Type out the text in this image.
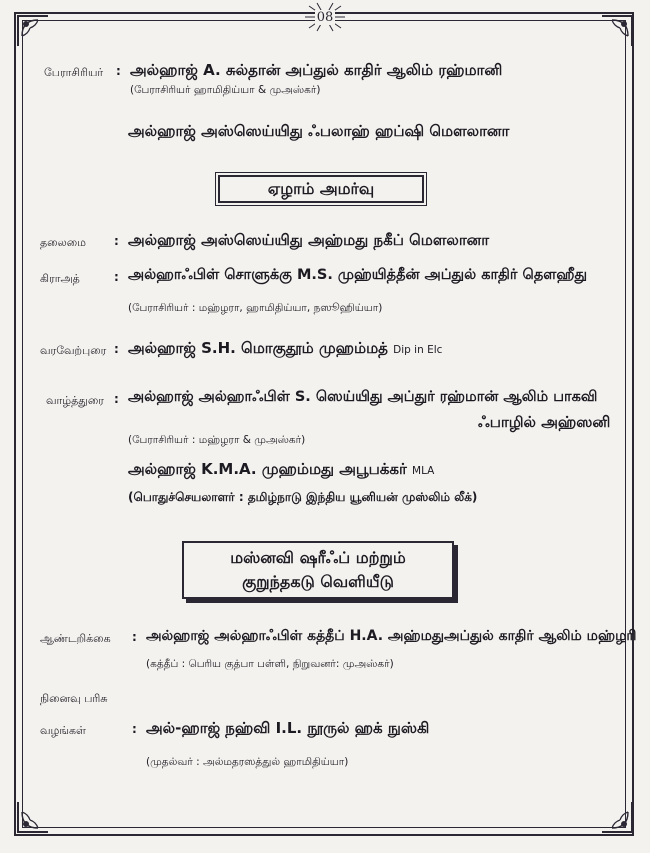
08
பேராசிரியர் : அல்ஹாஜ் A. சுல்தான் அப்துல் காதிர் ஆலிம் ரஹ்மானி
(பேராசிரியர் ஹாமிதிய்யா & முஅஸ்கர்)
அல்ஹாஜ் அஸ்ஸெய்யிது ஃபலாஹ் ஹப்ஷி மௌலானா
ஏழாம் அமர்வு
தலைமை : அல்ஹாஜ் அஸ்ஸெய்யிது அஹ்மது நகீப் மௌலானா
கிராஅத்	: அல்ஹாஃபிள் சொளுக்கு M.S. முஹ்யித்தீன் அப்துல் காதிர் தௌஹீது
(பேராசிரியர் : மஹ்ழரா, ஹாமிதிய்யா, நஸூஹிய்யா)
வரவேற்புரை : அல்ஹாஜ் S.H. மொகுதூம் முஹம்மத் Dip in Elc
வாழ்த்துரை : அல்ஹாஜ் அல்ஹாஃபிள் S. ஸெய்யிது அப்துர் ரஹ்மான் ஆலிம் பாகவி
ஃபாழில் அஹ்ஸனி
(பேராசிரியர் : மஹ்ழரா & முஅஸ்கர்)
அல்ஹாஜ் K.M.A. முஹம்மது அபூபக்கர் MLA
(பொதுச்செயலாளர் : தமிழ்நாடு இந்திய யூனியன் முஸ்லிம் லீக்)
மஸ்னவி ஷரீஃப் மற்றும்
குறுந்தகடு வெளியீடு
ஆண்டறிக்கை : அல்ஹாஜ் அல்ஹாஃபிள் கத்தீப் H.A. அஹ்மதுஅப்துல் காதிர் ஆலிம் மஹ்ழரி
(கத்தீப் : பெரிய குத்பா பள்ளி, நிறுவனர்: முஅஸ்கர்)
நினைவு பரிசு
வழங்கள்	: அல்-ஹாஜ் நஹ்வி I.L. நூருல் ஹக் நுஸ்கி
(முதல்வர் : அல்மதரஸத்துல் ஹாமிதிய்யா)
